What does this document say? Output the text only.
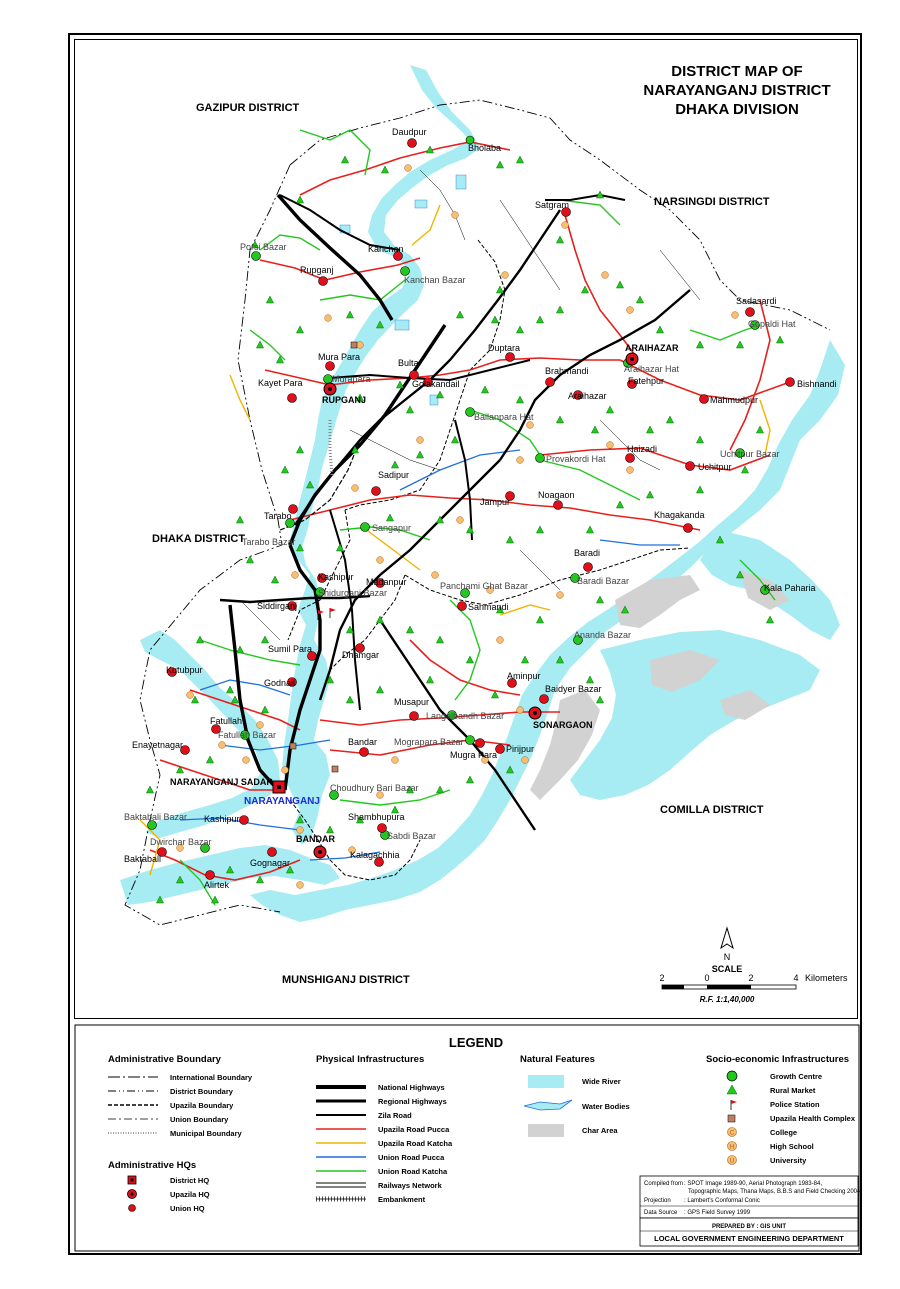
Daudpur
Bholaba
Satgram
Porsi Bazar	Kanchan
Rupganj
Kanchan Bazar
Sadasardi
Gopaldi Hat
Duptara	ARAIHAZAR
Mura Para
Bulta
Murapara	Golakandail
Brahmandi	Araihazar Hat
Fatehpur	Bishnandi
Kayet Para
RUPGANJ	Araihazar	Mahmudpur
Bailanpara Hat
Haizadi
Provakordi Hat
Uchitpur
Uchitpur Bazar
Sadipur
Jampur
Noagaon
Tarabo
Sangapur
Khagakanda
Tarabo Bazar
Baradi
Kala Paharia
Kashipur Madanpur	Panchami Ghat Bazar	Baradi Bazar
Shidurgani Bazar
Siddirganj	Sanmandi
Ananda Bazar
Sumil Para
Dhamgar
Kutubpur
Godnail
Aminpur
Baidyer Bazar
Fatullah
Musapur
Langalbandh Bazar
SONARGAON
Fatullah Bazar
Enayetnagar	Bandar Mograpara Bazar
Mugra Para
Pirijpur
NARAYANGANJ SADAR
NARAYANGANJ
Choudhury Bari Bazar
Baktabali Bazar Kashipur	Shambhupura
Sabdi Bazar
BANDAR
Dwirchar Bazar
Baktaball	Gognagar
Kalagachhia
Alirtek
GAZIPUR DISTRICT
NARSINGDI DISTRICT
DHAKA DISTRICT
COMILLA DISTRICT
MUNSHIGANJ DISTRICT
DISTRICT MAP OF
NARAYANGANJ DISTRICT
DHAKA DIVISION
N
SCALE
2	0	2	4 Kilometers
R.F. 1:1,40,000
LEGEND
Administrative Boundary
International Boundary
District Boundary
Upazila Boundary
Union Boundary
Municipal Boundary
Administrative HQs
District HQ
Upazila HQ
Union HQ
Physical Infrastructures
National Highways
Regional Highways
Zila Road
Upazila Road Pucca
Upazila Road Katcha
Union Road Pucca
Union Road Katcha
Railways Network
Embankment
Natural Features
Wide River
Water Bodies
Char Area
Socio-economic Infrastructures
Growth Centre
Rural Market
Police Station
Upazila Health Complex
C	College
H	High School
U	University
Compiled from : SPOT Image 1989-90, Aerial Photograph 1983-84,
Topographic Maps, Thana Maps, B.B.S and Field Checking 2004
Projection : Lambert's Conformal Conic
Data Source : GPS Field Survey 1999
PREPARED BY : GIS UNIT
LOCAL GOVERNMENT ENGINEERING DEPARTMENT
